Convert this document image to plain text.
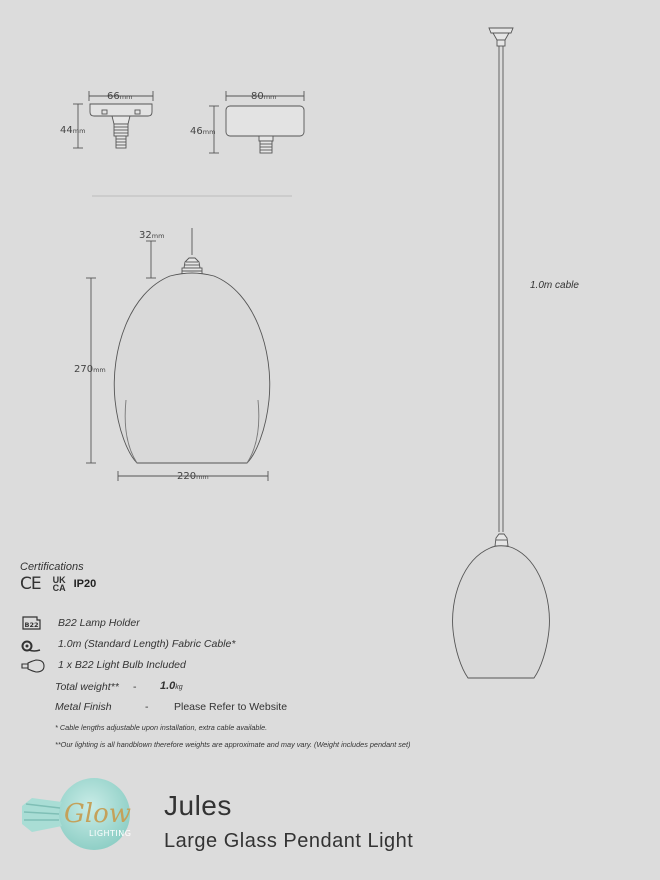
66mm
44mm
80mm
46mm
32mm
270mm
220mm
1.0m cable
Certifications
CE UK
CA IP20
B22 B22 Lamp Holder
1.0m (Standard Length) Fabric Cable*
1 x B22 Light Bulb Included
Total weight** - 1.0kg
Metal Finish	- Please Refer to Website
* Cable lengths adjustable upon installation, extra cable available.
**Our lighting is all handblown therefore weights are approximate and may vary. (Weight includes pendant set)
Glow
LIGHTING
Jules
Large Glass Pendant Light
